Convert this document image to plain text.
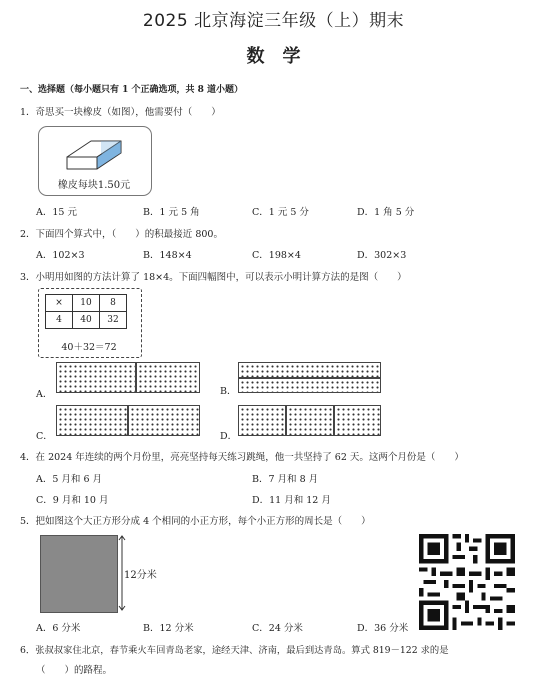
2025 北京海淀三年级（上）期末
数　学
一、选择题（每小题只有 1 个正确选项，共 8 道小题）
1．奇思买一块橡皮（如图），他需要付（　　）
橡皮每块1.50元
A．15 元	B．1 元 5 角	C．1 元 5 分	D．1 角 5 分
2．下面四个算式中，（　　）的积最接近 800。
A．102×3	B．148×4	C．198×4	D．302×3
3．小明用如图的方法计算了 18×4。下面四幅图中，可以表示小明计算方法的是图（　　）
×	10	8
4	40	32
40＋32＝72
A．	B．
C．	D．
4．在 2024 年连续的两个月份里，亮亮坚持每天练习跳绳，他一共坚持了 62 天。这两个月份是（　　）
A．5 月和 6 月	B．7 月和 8 月
C．9 月和 10 月	D．11 月和 12 月
5．把如图这个大正方形分成 4 个相同的小正方形，每个小正方形的周长是（　　）
12分米
A．6 分米	B．12 分米	C．24 分米	D．36 分米
6．张叔叔家住北京，春节乘火车回青岛老家，途经天津、济南，最后到达青岛。算式 819－122 求的是
（　　）的路程。
